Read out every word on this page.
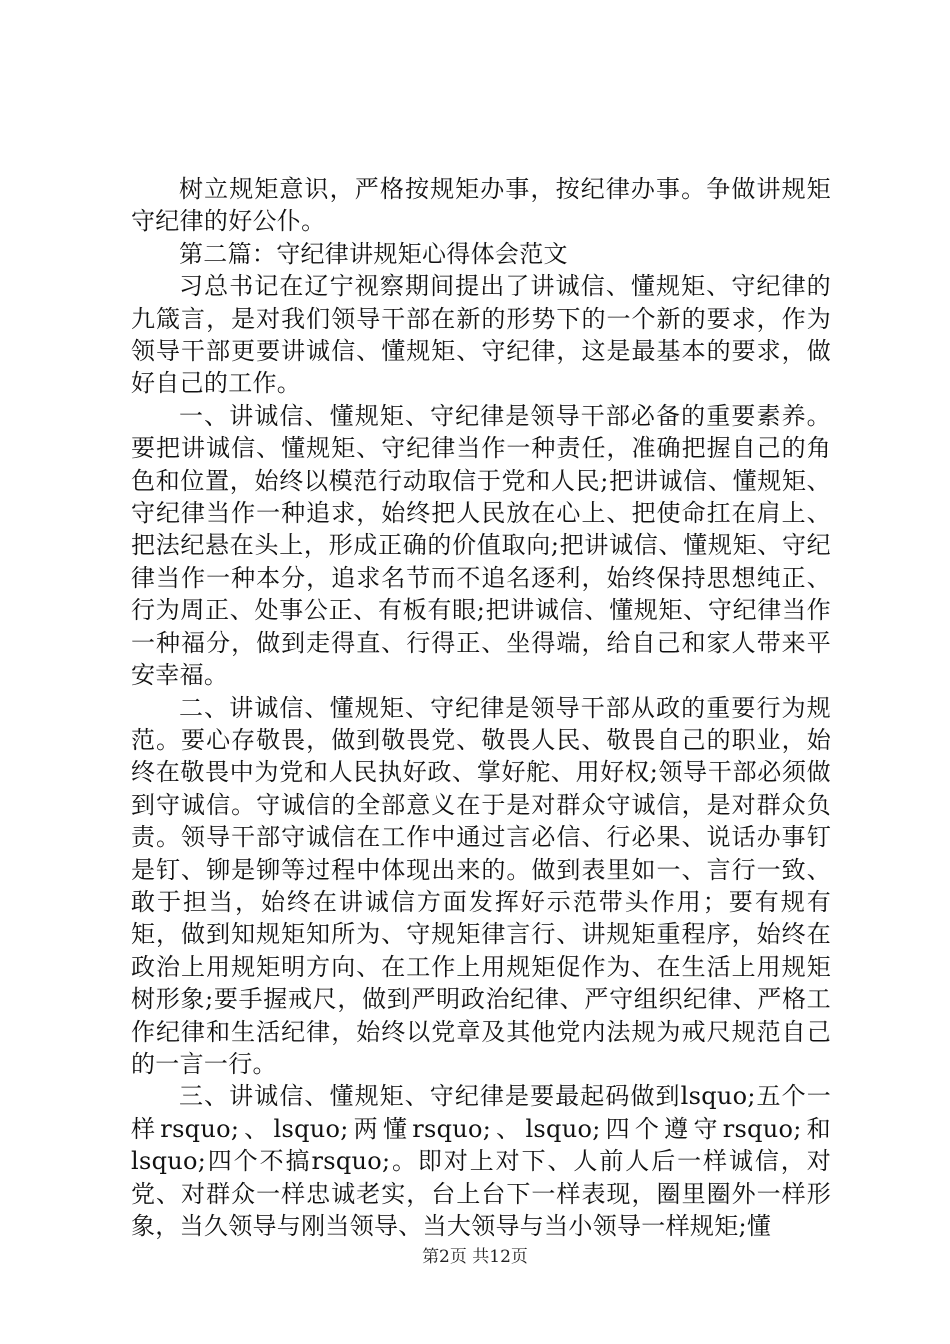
树立规矩意识，严格按规矩办事，按纪律办事。争做讲规矩守纪律的好公仆。

第二篇：守纪律讲规矩心得体会范文

习总书记在辽宁视察期间提出了讲诚信、懂规矩、守纪律的九箴言，是对我们领导干部在新的形势下的一个新的要求，作为领导干部更要讲诚信、懂规矩、守纪律，这是最基本的要求，做好自己的工作。

一、讲诚信、懂规矩、守纪律是领导干部必备的重要素养。要把讲诚信、懂规矩、守纪律当作一种责任，准确把握自己的角色和位置，始终以模范行动取信于党和人民;把讲诚信、懂规矩、守纪律当作一种追求，始终把人民放在心上、把使命扛在肩上、把法纪悬在头上，形成正确的价值取向;把讲诚信、懂规矩、守纪律当作一种本分，追求名节而不追名逐利，始终保持思想纯正、行为周正、处事公正、有板有眼;把讲诚信、懂规矩、守纪律当作一种福分，做到走得直、行得正、坐得端，给自己和家人带来平安幸福。

二、讲诚信、懂规矩、守纪律是领导干部从政的重要行为规范。要心存敬畏，做到敬畏党、敬畏人民、敬畏自己的职业，始终在敬畏中为党和人民执好政、掌好舵、用好权;领导干部必须做到守诚信。守诚信的全部意义在于是对群众守诚信，是对群众负责。领导干部守诚信在工作中通过言必信、行必果、说话办事钉是钉、铆是铆等过程中体现出来的。做到表里如一、言行一致、敢于担当，始终在讲诚信方面发挥好示范带头作用；要有规有矩，做到知规矩知所为、守规矩律言行、讲规矩重程序，始终在政治上用规矩明方向、在工作上用规矩促作为、在生活上用规矩树形象;要手握戒尺，做到严明政治纪律、严守组织纪律、严格工作纪律和生活纪律，始终以党章及其他党内法规为戒尺规范自己的一言一行。

三、讲诚信、懂规矩、守纪律是要最起码做到lsquo;五个一样rsquo;、lsquo;两懂rsquo;、lsquo;四个遵守rsquo;和lsquo;四个不搞rsquo;。即对上对下、人前人后一样诚信，对党、对群众一样忠诚老实，台上台下一样表现，圈里圈外一样形象，当久领导与刚当领导、当大领导与当小领导一样规矩;懂

第2页 共12页
